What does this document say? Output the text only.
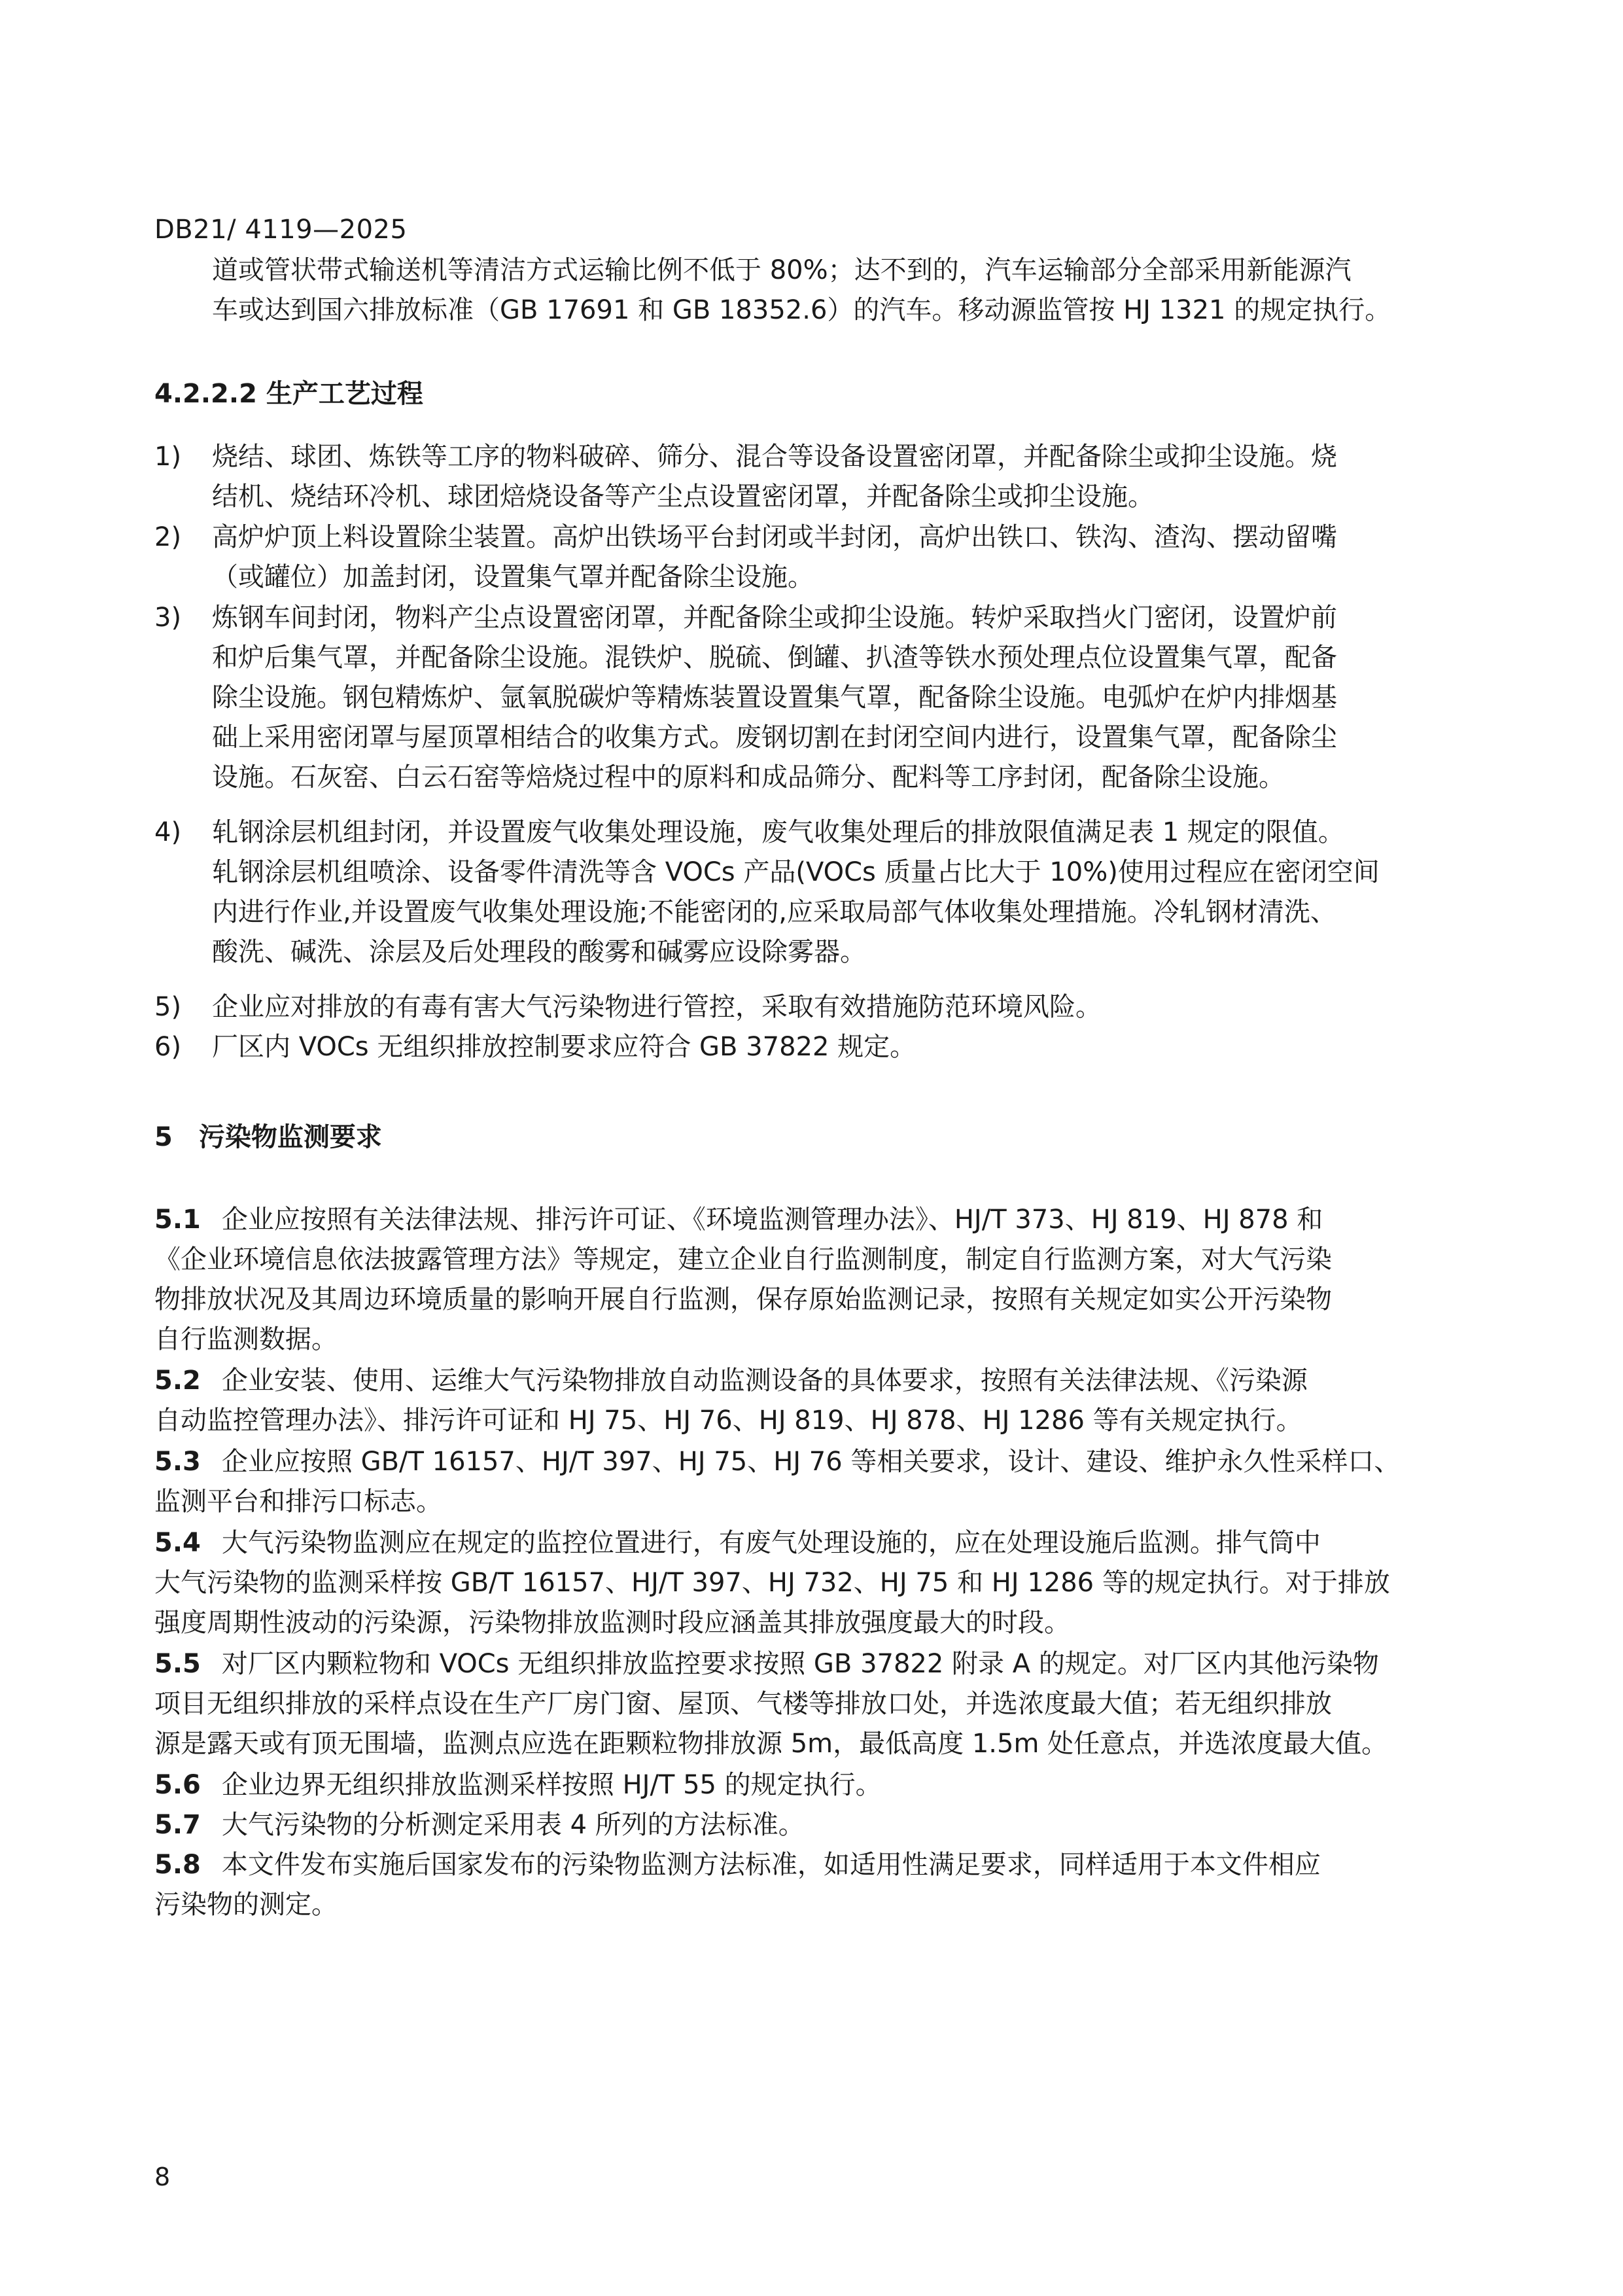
DB21/ 4119—2025
道或管状带式输送机等清洁方式运输比例不低于 80%；达不到的，汽车运输部分全部采用新能源汽
车或达到国六排放标准（GB 17691 和 GB 18352.6）的汽车。移动源监管按 HJ 1321 的规定执行。
4.2.2.2 生产工艺过程
1) 烧结、球团、炼铁等工序的物料破碎、筛分、混合等设备设置密闭罩，并配备除尘或抑尘设施。烧
结机、烧结环冷机、球团焙烧设备等产尘点设置密闭罩，并配备除尘或抑尘设施。
2) 高炉炉顶上料设置除尘装置。高炉出铁场平台封闭或半封闭，高炉出铁口、铁沟、渣沟、摆动留嘴
（或罐位）加盖封闭，设置集气罩并配备除尘设施。
3) 炼钢车间封闭，物料产尘点设置密闭罩，并配备除尘或抑尘设施。转炉采取挡火门密闭，设置炉前
和炉后集气罩，并配备除尘设施。混铁炉、脱硫、倒罐、扒渣等铁水预处理点位设置集气罩，配备
除尘设施。钢包精炼炉、氩氧脱碳炉等精炼装置设置集气罩，配备除尘设施。电弧炉在炉内排烟基
础上采用密闭罩与屋顶罩相结合的收集方式。废钢切割在封闭空间内进行，设置集气罩，配备除尘
设施。石灰窑、白云石窑等焙烧过程中的原料和成品筛分、配料等工序封闭，配备除尘设施。
4) 轧钢涂层机组封闭，并设置废气收集处理设施，废气收集处理后的排放限值满足表 1 规定的限值。
轧钢涂层机组喷涂、设备零件清洗等含 VOCs 产品(VOCs 质量占比大于 10%)使用过程应在密闭空间
内进行作业,并设置废气收集处理设施;不能密闭的,应采取局部气体收集处理措施。冷轧钢材清洗、
酸洗、碱洗、涂层及后处理段的酸雾和碱雾应设除雾器。
5) 企业应对排放的有毒有害大气污染物进行管控，采取有效措施防范环境风险。
6) 厂区内 VOCs 无组织排放控制要求应符合 GB 37822 规定。
5　污染物监测要求
5.1 企业应按照有关法律法规、排污许可证、《环境监测管理办法》、HJ/T 373、HJ 819、HJ 878 和
《企业环境信息依法披露管理方法》等规定，建立企业自行监测制度，制定自行监测方案，对大气污染
物排放状况及其周边环境质量的影响开展自行监测，保存原始监测记录，按照有关规定如实公开污染物
自行监测数据。
5.2 企业安装、使用、运维大气污染物排放自动监测设备的具体要求，按照有关法律法规、《污染源
自动监控管理办法》、排污许可证和 HJ 75、HJ 76、HJ 819、HJ 878、HJ 1286 等有关规定执行。
5.3 企业应按照 GB/T 16157、HJ/T 397、HJ 75、HJ 76 等相关要求，设计、建设、维护永久性采样口、
监测平台和排污口标志。
5.4 大气污染物监测应在规定的监控位置进行，有废气处理设施的，应在处理设施后监测。排气筒中
大气污染物的监测采样按 GB/T 16157、HJ/T 397、HJ 732、HJ 75 和 HJ 1286 等的规定执行。对于排放
强度周期性波动的污染源，污染物排放监测时段应涵盖其排放强度最大的时段。
5.5 对厂区内颗粒物和 VOCs 无组织排放监控要求按照 GB 37822 附录 A 的规定。对厂区内其他污染物
项目无组织排放的采样点设在生产厂房门窗、屋顶、气楼等排放口处，并选浓度最大值；若无组织排放
源是露天或有顶无围墙，监测点应选在距颗粒物排放源 5m，最低高度 1.5m 处任意点，并选浓度最大值。
5.6 企业边界无组织排放监测采样按照 HJ/T 55 的规定执行。
5.7 大气污染物的分析测定采用表 4 所列的方法标准。
5.8 本文件发布实施后国家发布的污染物监测方法标准，如适用性满足要求，同样适用于本文件相应
污染物的测定。
8
